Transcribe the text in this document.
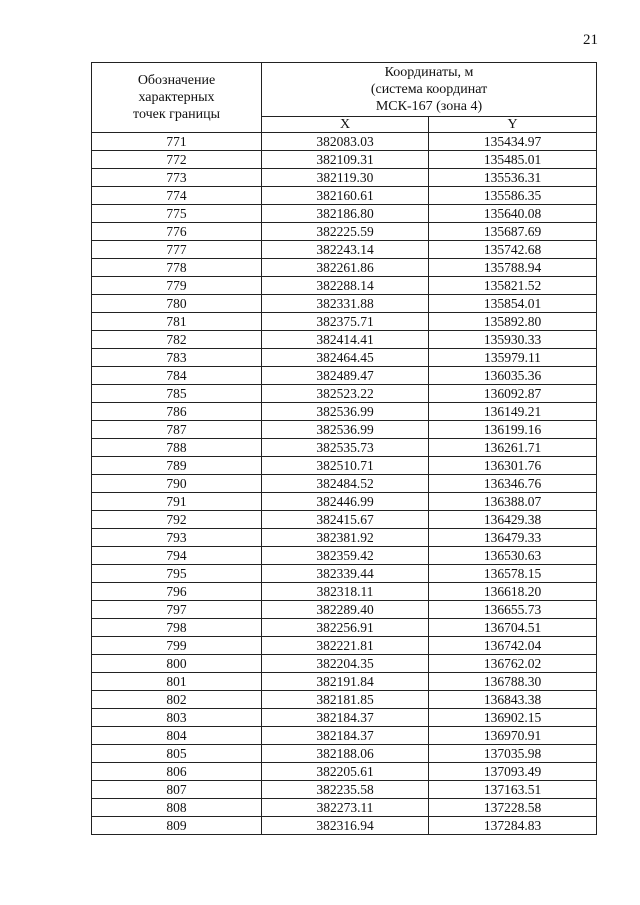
21
Обозначение
характерных
точек границы	Координаты, м
(система координат
МСК-167 (зона 4)	

	X	Y
771	382083.03	135434.97
772	382109.31	135485.01
773	382119.30	135536.31
774	382160.61	135586.35
775	382186.80	135640.08
776	382225.59	135687.69
777	382243.14	135742.68
778	382261.86	135788.94
779	382288.14	135821.52
780	382331.88	135854.01
781	382375.71	135892.80
782	382414.41	135930.33
783	382464.45	135979.11
784	382489.47	136035.36
785	382523.22	136092.87
786	382536.99	136149.21
787	382536.99	136199.16
788	382535.73	136261.71
789	382510.71	136301.76
790	382484.52	136346.76
791	382446.99	136388.07
792	382415.67	136429.38
793	382381.92	136479.33
794	382359.42	136530.63
795	382339.44	136578.15
796	382318.11	136618.20
797	382289.40	136655.73
798	382256.91	136704.51
799	382221.81	136742.04
800	382204.35	136762.02
801	382191.84	136788.30
802	382181.85	136843.38
803	382184.37	136902.15
804	382184.37	136970.91
805	382188.06	137035.98
806	382205.61	137093.49
807	382235.58	137163.51
808	382273.11	137228.58
809	382316.94	137284.83
